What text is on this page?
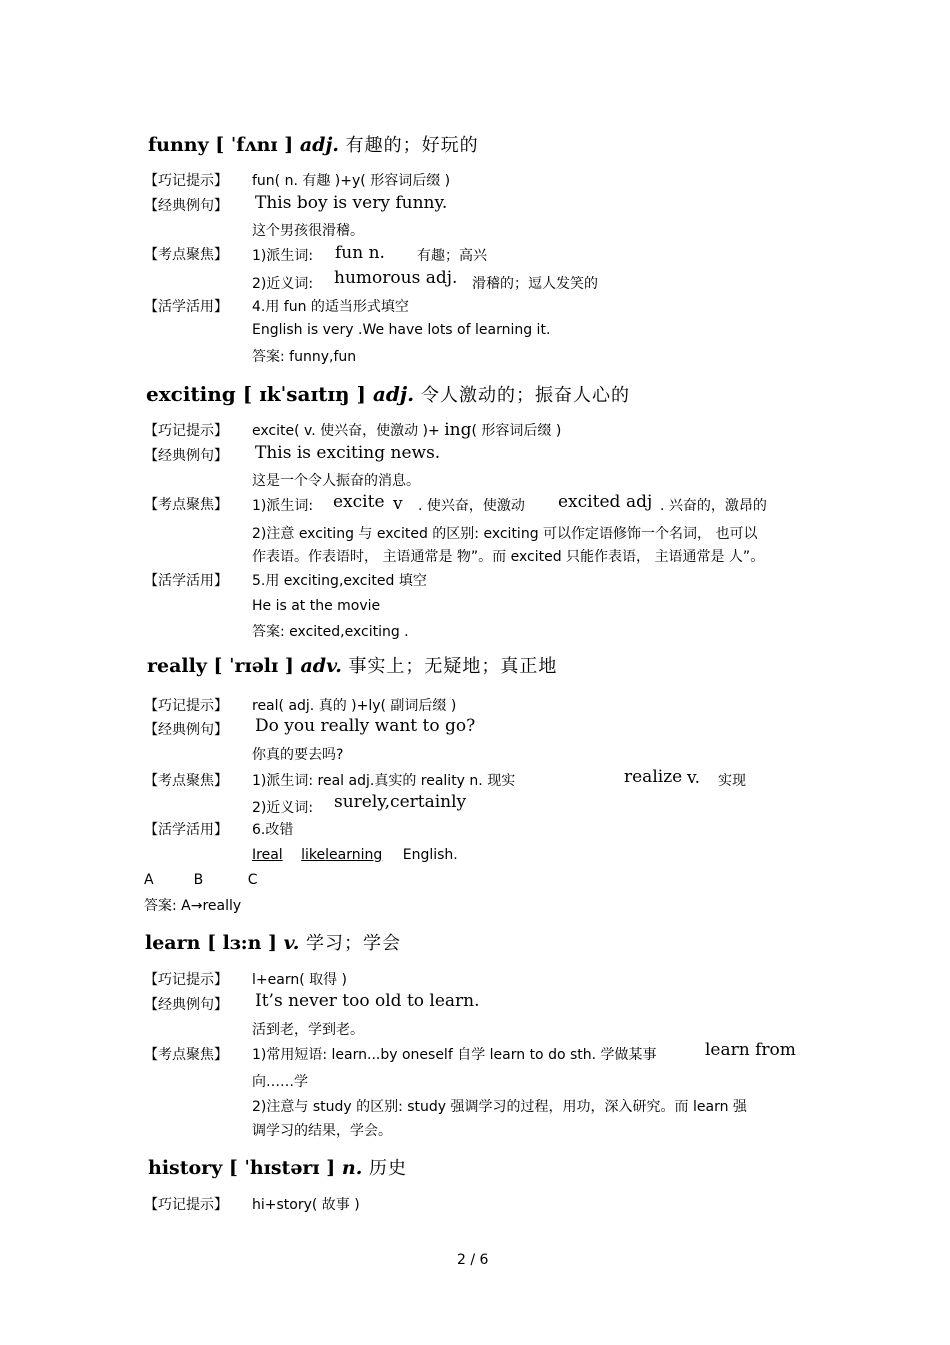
funny [ ˈfʌnɪ ] adj. 有趣的；好玩的
【巧记提示】 fun( n. 有趣 )+y( 形容词后缀 )
【经典例句】 This boy is very funny.
这个男孩很滑稽。
【考点聚焦】 1)派生词: fun n. 有趣；高兴
2)近义词: humorous adj. 滑稽的；逗人发笑的
【活学活用】 4.用 fun 的适当形式填空
English is very .We have lots of learning it.
答案: funny,fun
exciting [ ɪkˈsaɪtɪŋ ] adj. 令人激动的；振奋人心的
【巧记提示】 excite( v. 使兴奋，使激动 )+ ing( 形容词后缀 )
【经典例句】 This is exciting news.
这是一个令人振奋的消息。
【考点聚焦】 1)派生词: excite v . 使兴奋，使激动 excited adj . 兴奋的，激昂的
2)注意 exciting 与 excited 的区别: exciting 可以作定语修饰一个名词， 也可以
作表语。作表语时， 主语通常是 物”。而 excited 只能作表语， 主语通常是 人”。
【活学活用】 5.用 exciting,excited 填空
He is at the movie
答案: excited,exciting .
really [ ˈrɪəlɪ ] adv. 事实上；无疑地；真正地
【巧记提示】 real( adj. 真的 )+ly( 副词后缀 )
【经典例句】 Do you really want to go?
你真的要去吗?
【考点聚焦】 1)派生词: real adj.真实的 reality n. 现实	realize v. 实现
2)近义词: surely,certainly
【活学活用】 6.改错
Ireal likelearning English.
A         B          C
答案: A→really
learn [ lɜ:n ] v. 学习；学会
【巧记提示】 l+earn( 取得 )
【经典例句】 It’s never too old to learn.
活到老，学到老。
【考点聚焦】 1)常用短语: learn...by oneself 自学 learn to do sth. 学做某事	learn from
向……学
2)注意与 study 的区别: study 强调学习的过程，用功，深入研究。而 learn 强
调学习的结果，学会。
history [ ˈhɪstərɪ ] n. 历史
【巧记提示】 hi+story( 故事 )
2 / 6
